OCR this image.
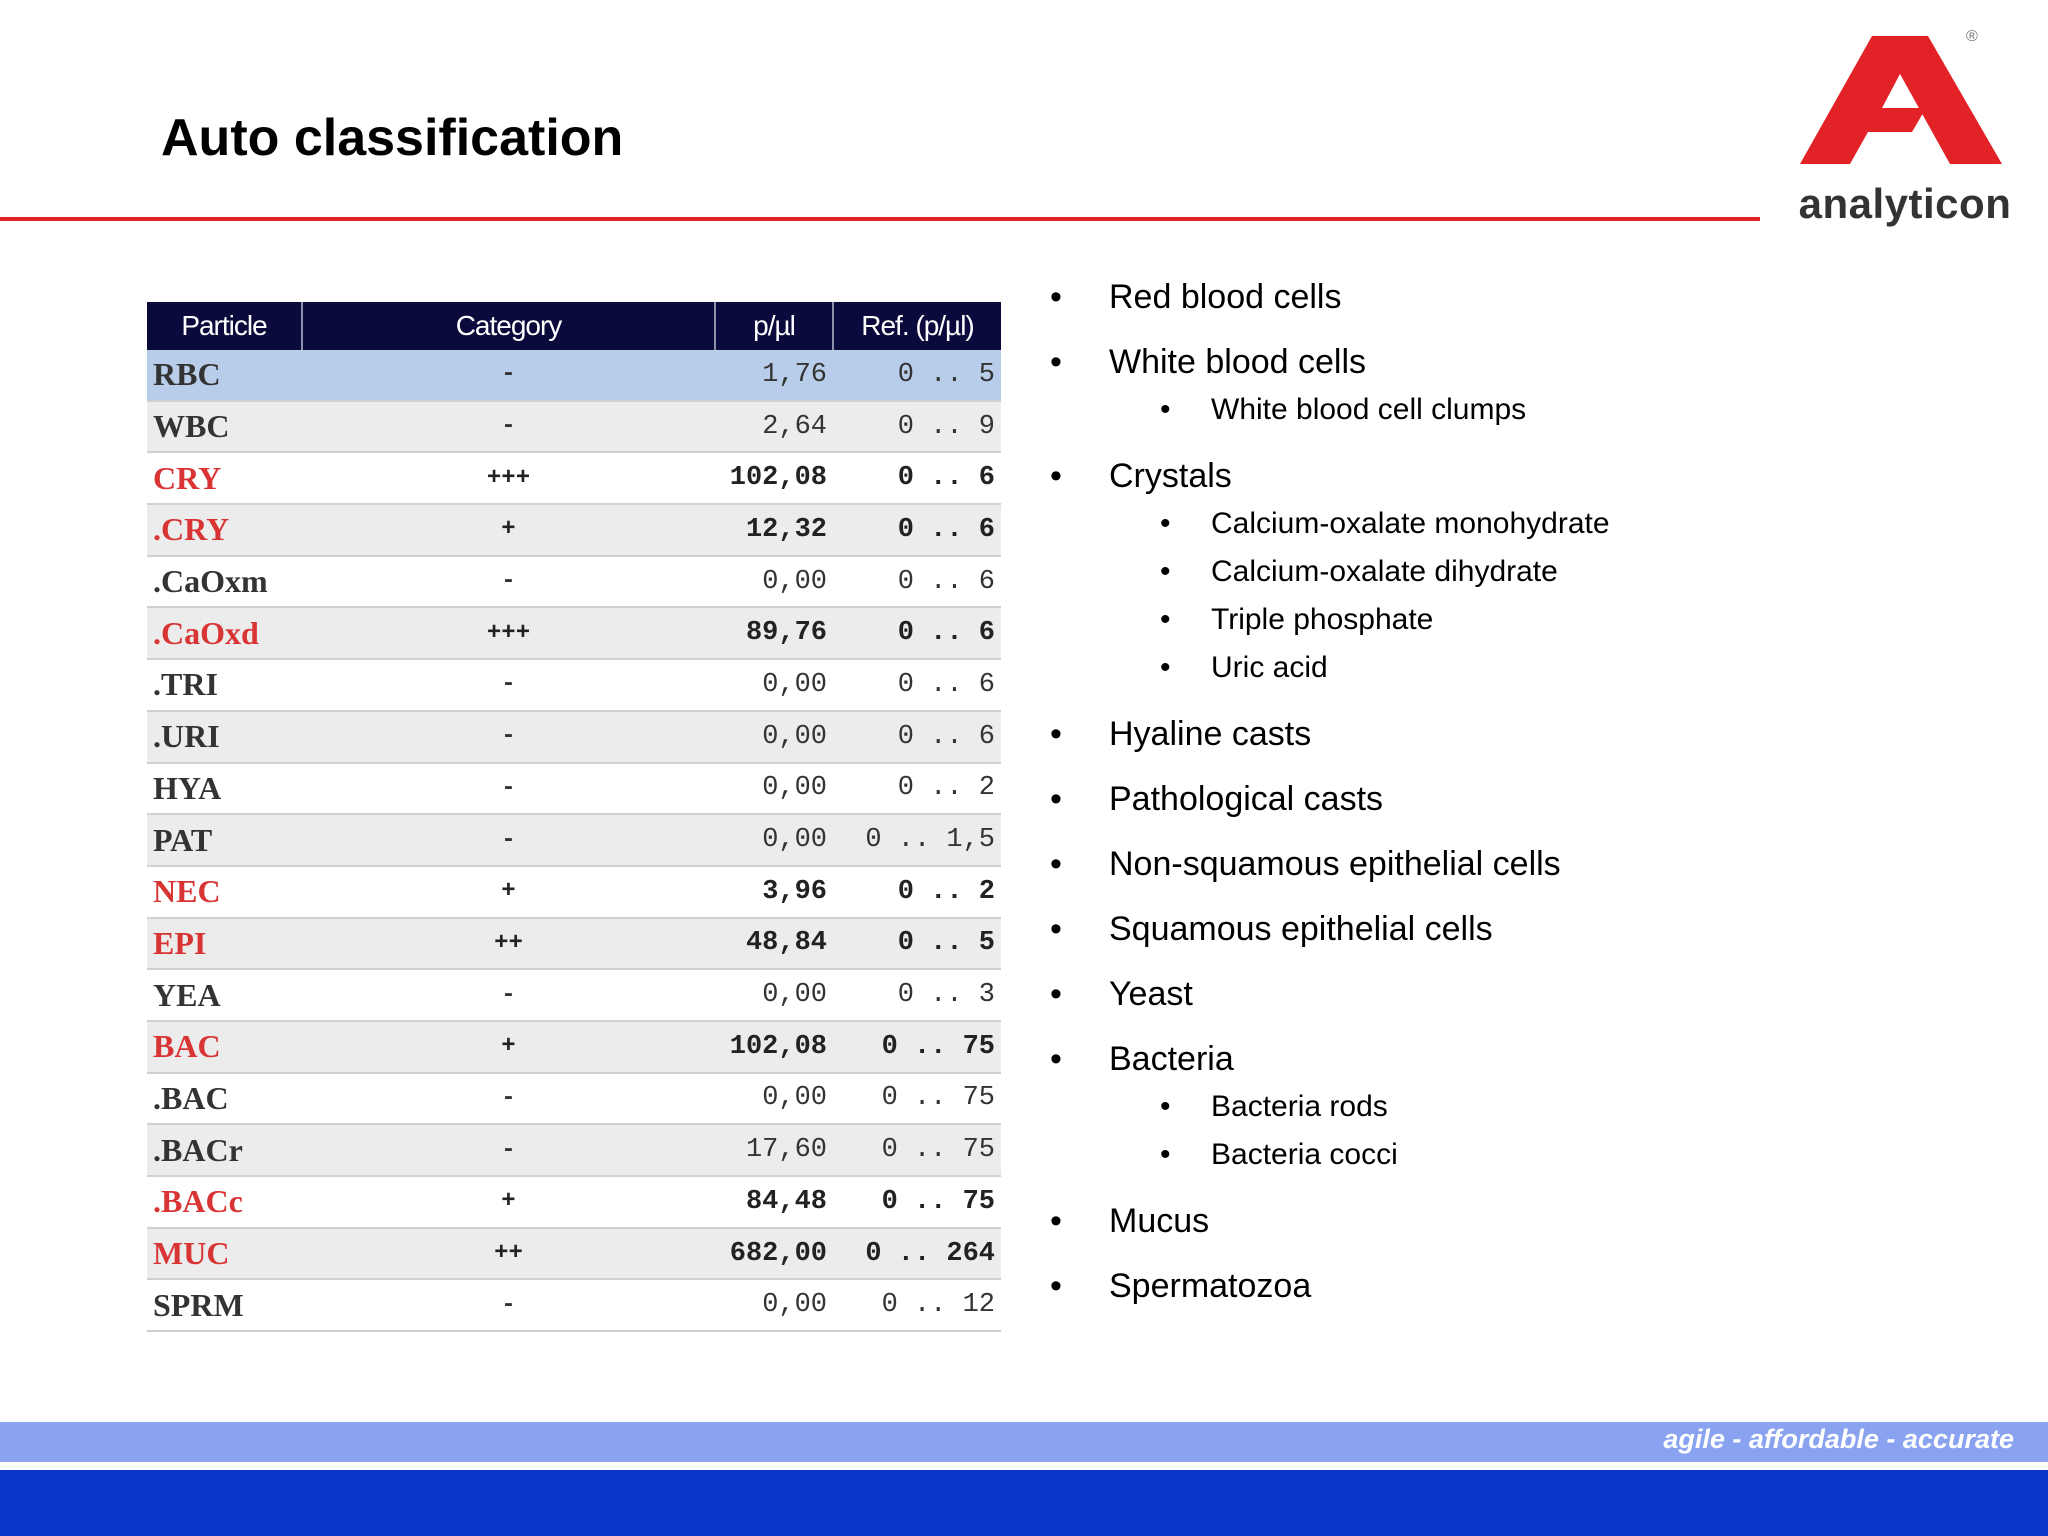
Auto classification
®
analyticon
Particle	Category	p/µl	Ref. (p/µl)
RBC	-	1,76	0 .. 5
WBC	-	2,64	0 .. 9
CRY	+++	102,08	0 .. 6
.CRY	+	12,32	0 .. 6
.CaOxm	-	0,00	0 .. 6
.CaOxd	+++	89,76	0 .. 6
.TRI	-	0,00	0 .. 6
.URI	-	0,00	0 .. 6
HYA	-	0,00	0 .. 2
PAT	-	0,00	0 .. 1,5
NEC	+	3,96	0 .. 2
EPI	++	48,84	0 .. 5
YEA	-	0,00	0 .. 3
BAC	+	102,08	0 .. 75
.BAC	-	0,00	0 .. 75
.BACr	-	17,60	0 .. 75
.BACc	+	84,48	0 .. 75
MUC	++	682,00	0 .. 264
SPRM	-	0,00	0 .. 12
• Red blood cells
• White blood cells
• White blood cell clumps
• Crystals
• Calcium-oxalate monohydrate
• Calcium-oxalate dihydrate
• Triple phosphate
• Uric acid
• Hyaline casts
• Pathological casts
• Non-squamous epithelial cells
• Squamous epithelial cells
• Yeast
• Bacteria
• Bacteria rods
• Bacteria cocci
• Mucus
• Spermatozoa
agile - affordable - accurate
